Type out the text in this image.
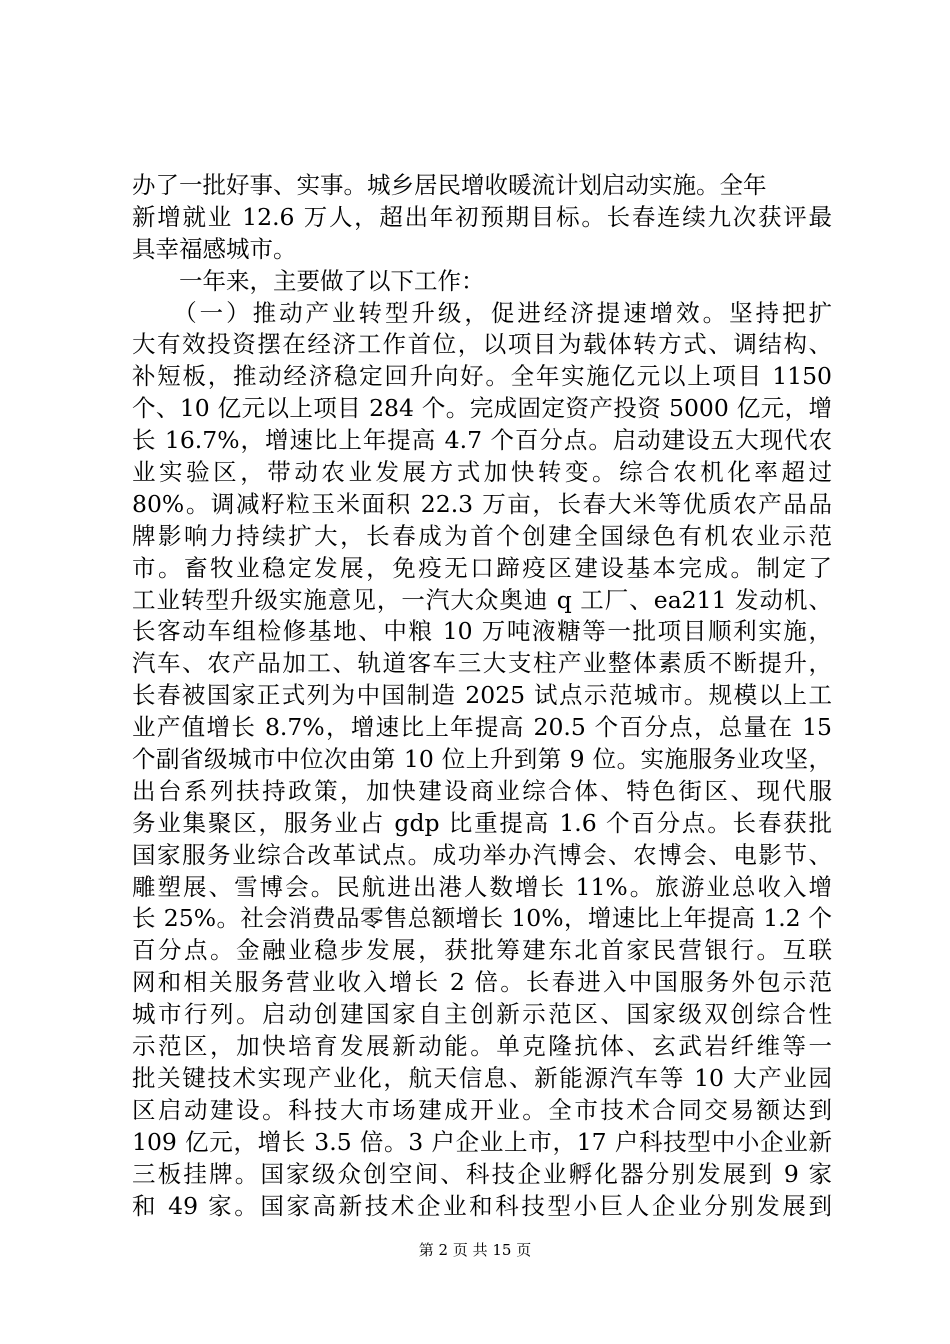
办了一批好事、实事。城乡居民增收暖流计划启动实施。全年
新增就业 12.6 万人，超出年初预期目标。长春连续九次获评最
具幸福感城市。
　　一年来，主要做了以下工作：
　　（一）推动产业转型升级，促进经济提速增效。坚持把扩
大有效投资摆在经济工作首位，以项目为载体转方式、调结构、
补短板，推动经济稳定回升向好。全年实施亿元以上项目 1150
个、10 亿元以上项目 284 个。完成固定资产投资 5000 亿元，增
长 16.7%，增速比上年提高 4.7 个百分点。启动建设五大现代农
业实验区，带动农业发展方式加快转变。综合农机化率超过
80%。调减籽粒玉米面积 22.3 万亩，长春大米等优质农产品品
牌影响力持续扩大，长春成为首个创建全国绿色有机农业示范
市。畜牧业稳定发展，免疫无口蹄疫区建设基本完成。制定了
工业转型升级实施意见，一汽大众奥迪 q 工厂、ea211 发动机、
长客动车组检修基地、中粮 10 万吨液糖等一批项目顺利实施，
汽车、农产品加工、轨道客车三大支柱产业整体素质不断提升，
长春被国家正式列为中国制造 2025 试点示范城市。规模以上工
业产值增长 8.7%，增速比上年提高 20.5 个百分点，总量在 15
个副省级城市中位次由第 10 位上升到第 9 位。实施服务业攻坚，
出台系列扶持政策，加快建设商业综合体、特色街区、现代服
务业集聚区，服务业占 gdp 比重提高 1.6 个百分点。长春获批
国家服务业综合改革试点。成功举办汽博会、农博会、电影节、
雕塑展、雪博会。民航进出港人数增长 11%。旅游业总收入增
长 25%。社会消费品零售总额增长 10%，增速比上年提高 1.2 个
百分点。金融业稳步发展，获批筹建东北首家民营银行。互联
网和相关服务营业收入增长 2 倍。长春进入中国服务外包示范
城市行列。启动创建国家自主创新示范区、国家级双创综合性
示范区，加快培育发展新动能。单克隆抗体、玄武岩纤维等一
批关键技术实现产业化，航天信息、新能源汽车等 10 大产业园
区启动建设。科技大市场建成开业。全市技术合同交易额达到
109 亿元，增长 3.5 倍。3 户企业上市，17 户科技型中小企业新
三板挂牌。国家级众创空间、科技企业孵化器分别发展到 9 家
和 49 家。国家高新技术企业和科技型小巨人企业分别发展到
第 2 页 共 15 页
